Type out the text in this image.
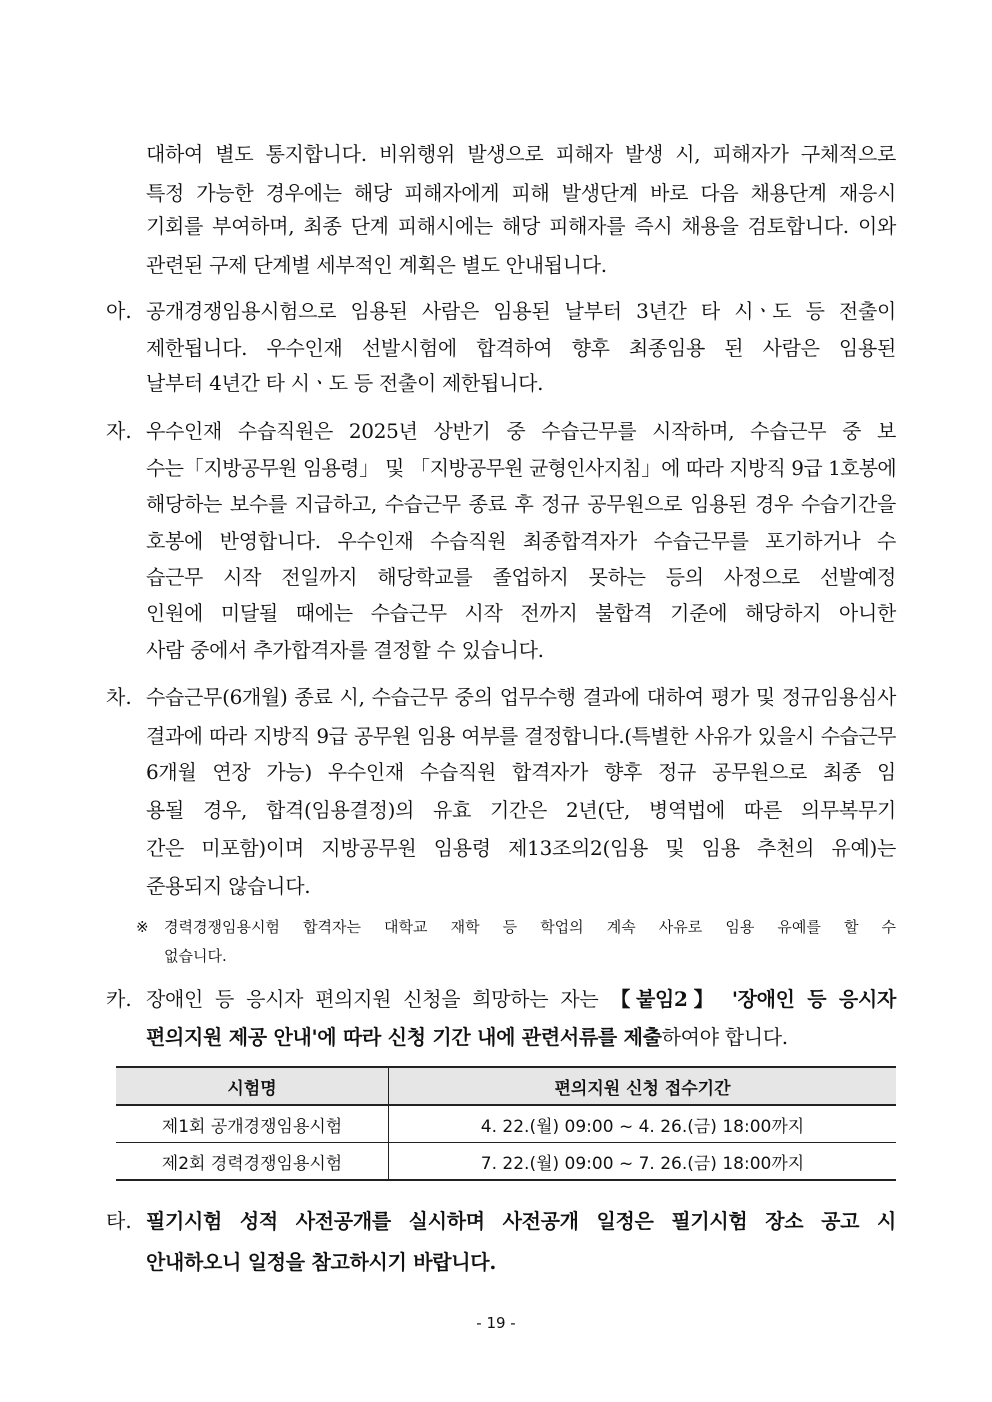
대하여 별도 통지합니다. 비위행위 발생으로 피해자 발생 시, 피해자가 구체적으로
특정 가능한 경우에는 해당 피해자에게 피해 발생단계 바로 다음 채용단계 재응시
기회를 부여하며, 최종 단계 피해시에는 해당 피해자를 즉시 채용을 검토합니다. 이와
관련된 구제 단계별 세부적인 계획은 별도 안내됩니다.
아. 공개경쟁임용시험으로 임용된 사람은 임용된 날부터 3년간 타 시ㆍ도 등 전출이
제한됩니다. 우수인재 선발시험에 합격하여 향후 최종임용 된 사람은 임용된
날부터 4년간 타 시ㆍ도 등 전출이 제한됩니다.
자. 우수인재 수습직원은 2025년 상반기 중 수습근무를 시작하며, 수습근무 중 보
수는「지방공무원 임용령」 및 「지방공무원 균형인사지침」에 따라 지방직 9급 1호봉에
해당하는 보수를 지급하고, 수습근무 종료 후 정규 공무원으로 임용된 경우 수습기간을
호봉에 반영합니다. 우수인재 수습직원 최종합격자가 수습근무를 포기하거나 수
습근무 시작 전일까지 해당학교를 졸업하지 못하는 등의 사정으로 선발예정
인원에 미달될 때에는 수습근무 시작 전까지 불합격 기준에 해당하지 아니한
사람 중에서 추가합격자를 결정할 수 있습니다.
차. 수습근무(6개월) 종료 시, 수습근무 중의 업무수행 결과에 대하여 평가 및 정규임용심사
결과에 따라 지방직 9급 공무원 임용 여부를 결정합니다.(특별한 사유가 있을시 수습근무
6개월 연장 가능) 우수인재 수습직원 합격자가 향후 정규 공무원으로 최종 임
용될 경우, 합격(임용결정)의 유효 기간은 2년(단, 병역법에 따른 의무복무기
간은 미포함)이며 지방공무원 임용령 제13조의2(임용 및 임용 추천의 유예)는
준용되지 않습니다.
※ 경력경쟁임용시험 합격자는 대학교 재학 등 학업의 계속 사유로 임용 유예를 할 수
없습니다.
카. 장애인 등 응시자 편의지원 신청을 희망하는 자는 【붙임2】 '장애인 등 응시자
편의지원 제공 안내'에 따라 신청 기간 내에 관련서류를 제출하여야 합니다.
시험명	편의지원 신청 접수기간
제1회 공개경쟁임용시험	4. 22.(월) 09:00 ~ 4. 26.(금) 18:00까지
제2회 경력경쟁임용시험	7. 22.(월) 09:00 ~ 7. 26.(금) 18:00까지
타. 필기시험 성적 사전공개를 실시하며 사전공개 일정은 필기시험 장소 공고 시
안내하오니 일정을 참고하시기 바랍니다.
- 19 -
